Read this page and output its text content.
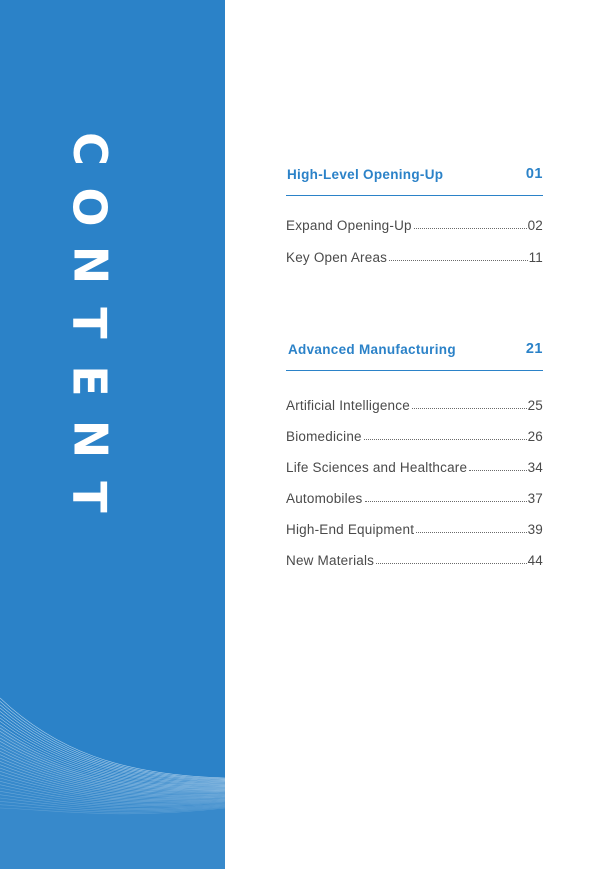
C
O
N
T
E
N
T
High-Level Opening-Up	01
Expand Opening-Up	02
Key Open Areas	11
Advanced Manufacturing	21
Artificial Intelligence	25
Biomedicine	26
Life Sciences and Healthcare	34
Automobiles	37
High-End Equipment	39
New Materials	44
